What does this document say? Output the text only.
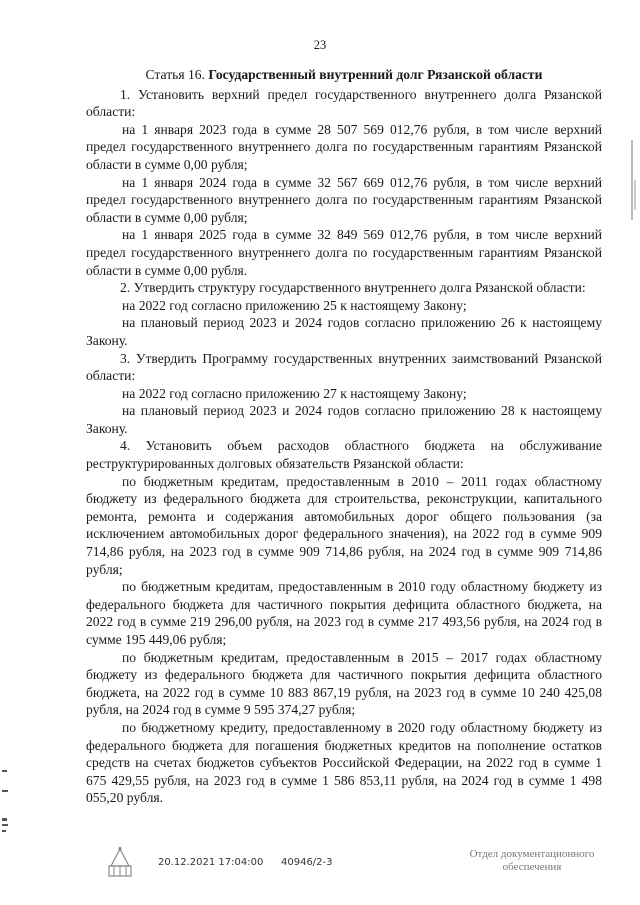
23

Статья 16. Государственный внутренний долг Рязанской области

1. Установить верхний предел государственного внутреннего долга Рязанской области:

на 1 января 2023 года в сумме 28 507 569 012,76 рубля, в том числе верхний предел государственного внутреннего долга по государственным гарантиям Рязанской области в сумме 0,00 рубля;

на 1 января 2024 года в сумме 32 567 669 012,76 рубля, в том числе верхний предел государственного внутреннего долга по государственным гарантиям Рязанской области в сумме 0,00 рубля;

на 1 января 2025 года в сумме 32 849 569 012,76 рубля, в том числе верхний предел государственного внутреннего долга по государственным гарантиям Рязанской области в сумме 0,00 рубля.

2. Утвердить структуру государственного внутреннего долга Рязанской области:

на 2022 год согласно приложению 25 к настоящему Закону;

на плановый период 2023 и 2024 годов согласно приложению 26 к настоящему Закону.

3. Утвердить Программу государственных внутренних заимствований Рязанской области:

на 2022 год согласно приложению 27 к настоящему Закону;

на плановый период 2023 и 2024 годов согласно приложению 28 к настоящему Закону.

4. Установить объем расходов областного бюджета на обслуживание реструктурированных долговых обязательств Рязанской области:

по бюджетным кредитам, предоставленным в 2010 – 2011 годах областному бюджету из федерального бюджета для строительства, реконструкции, капитального ремонта, ремонта и содержания автомобильных дорог общего пользования (за исключением автомобильных дорог федерального значения), на 2022 год в сумме 909 714,86 рубля, на 2023 год в сумме 909 714,86 рубля, на 2024 год в сумме 909 714,86 рубля;

по бюджетным кредитам, предоставленным в 2010 году областному бюджету из федерального бюджета для частичного покрытия дефицита областного бюджета, на 2022 год в сумме 219 296,00 рубля, на 2023 год в сумме 217 493,56 рубля, на 2024 год в сумме 195 449,06 рубля;

по бюджетным кредитам, предоставленным в 2015 – 2017 годах областному бюджету из федерального бюджета для частичного покрытия дефицита областного бюджета, на 2022 год в сумме 10 883 867,19 рубля, на 2023 год в сумме 10 240 425,08 рубля, на 2024 год в сумме 9 595 374,27 рубля;

по бюджетному кредиту, предоставленному в 2020 году областному бюджету из федерального бюджета для погашения бюджетных кредитов на пополнение остатков средств на счетах бюджетов субъектов Российской Федерации, на 2022 год в сумме 1 675 429,55 рубля, на 2023 год в сумме 1 586 853,11 рубля, на 2024 год в сумме 1 498 055,20 рубля.

20.12.2021 17:04:00 40946/2-3
Отдел документационного
обеспечения
